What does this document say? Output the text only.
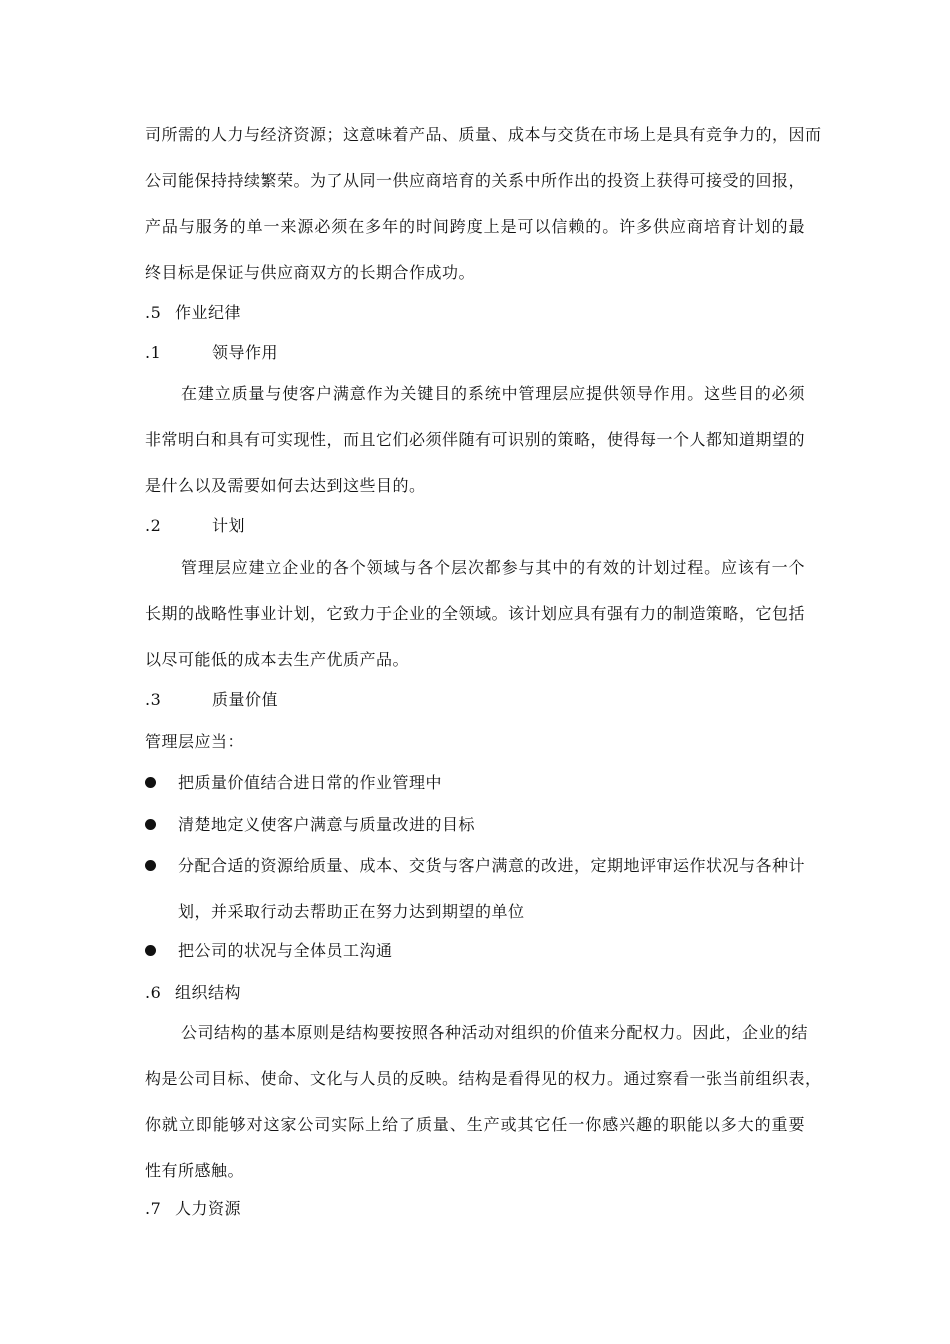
司所需的人力与经济资源；这意味着产品、质量、成本与交货在市场上是具有竞争力的，因而
公司能保持持续繁荣。为了从同一供应商培育的关系中所作出的投资上获得可接受的回报，
产品与服务的单一来源必须在多年的时间跨度上是可以信赖的。许多供应商培育计划的最
终目标是保证与供应商双方的长期合作成功。
.5 作业纪律
.1	领导作用
在建立质量与使客户满意作为关键目的系统中管理层应提供领导作用。这些目的必须
非常明白和具有可实现性，而且它们必须伴随有可识别的策略，使得每一个人都知道期望的
是什么以及需要如何去达到这些目的。
.2	计划
管理层应建立企业的各个领域与各个层次都参与其中的有效的计划过程。应该有一个
长期的战略性事业计划，它致力于企业的全领域。该计划应具有强有力的制造策略，它包括
以尽可能低的成本去生产优质产品。
.3	质量价值
管理层应当：
把质量价值结合进日常的作业管理中
清楚地定义使客户满意与质量改进的目标
分配合适的资源给质量、成本、交货与客户满意的改进，定期地评审运作状况与各种计
划，并采取行动去帮助正在努力达到期望的单位
把公司的状况与全体员工沟通
.6 组织结构
公司结构的基本原则是结构要按照各种活动对组织的价值来分配权力。因此，企业的结
构是公司目标、使命、文化与人员的反映。结构是看得见的权力。通过察看一张当前组织表，
你就立即能够对这家公司实际上给了质量、生产或其它任一你感兴趣的职能以多大的重要
性有所感触。
.7 人力资源
